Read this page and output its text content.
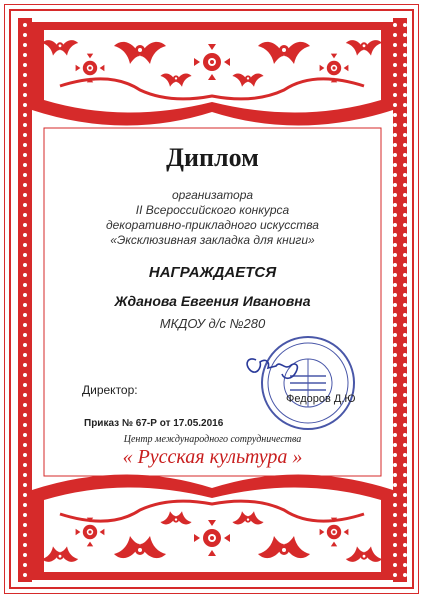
Диплом
организатора
II Всероссийского конкурса
декоративно-прикладного искусства
«Эксклюзивная закладка для книги»
НАГРАЖДАЕТСЯ
Жданова Евгения Ивановна
МКДОУ д/с №280
Директор:
Федоров Д.Ю
Приказ № 67-Р от 17.05.2016
Центр международного сотрудничества
« Русская культура »
